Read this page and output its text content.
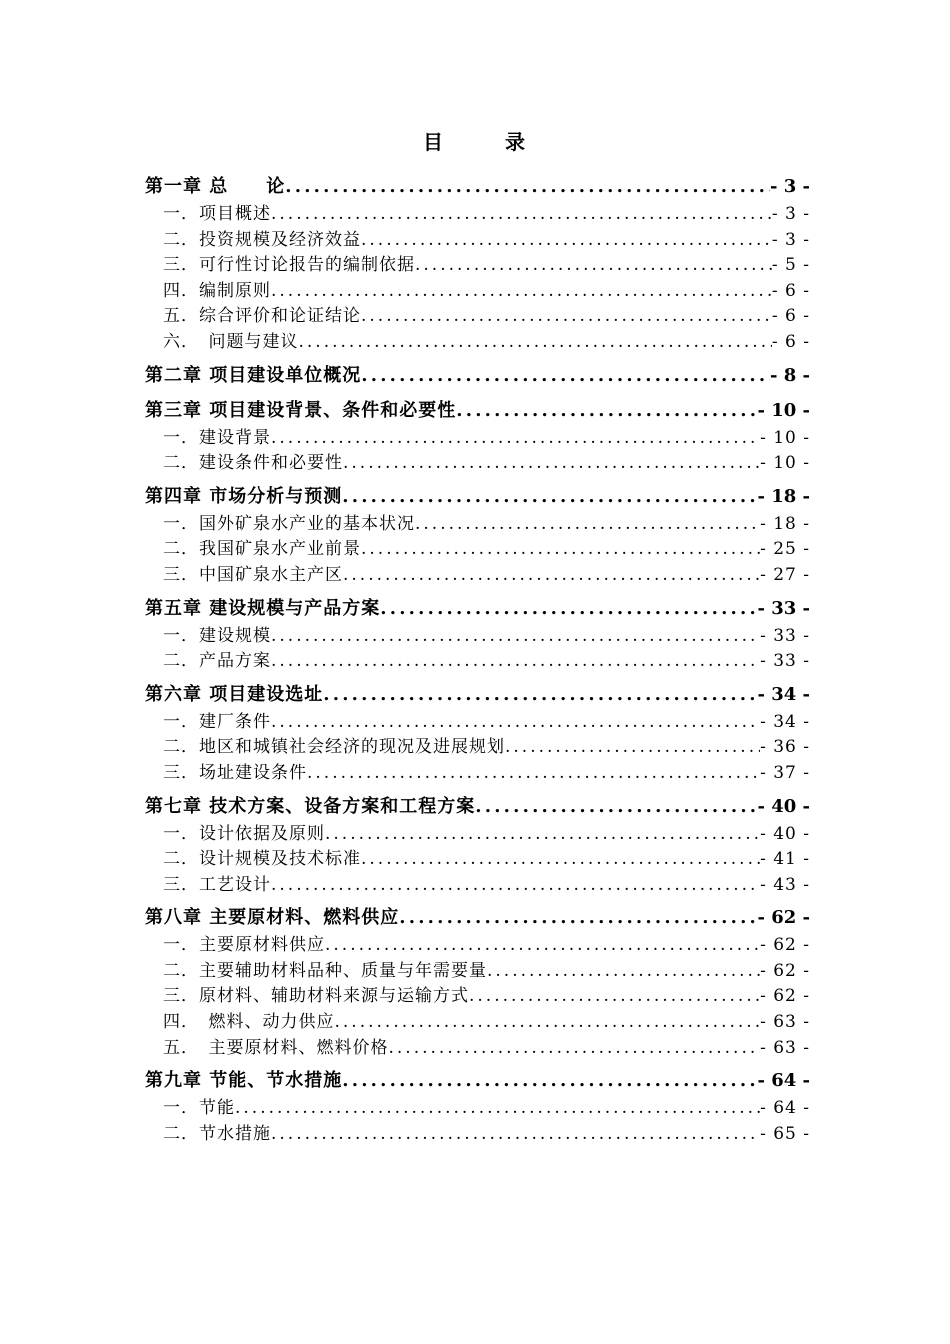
目	录
第一章 总　　论 .....	- 3 -
一．项目概述 .....	- 3 -
二．投资规模及经济效益 .....	- 3 -
三．可行性讨论报告的编制依据 .....	- 5 -
四．编制原则 .....	- 6 -
五．综合评价和论证结论 .....	- 6 -
六．　问题与建议 .....	- 6 -
第二章 项目建设单位概况 .....	- 8 -
第三章 项目建设背景、条件和必要性 .....	- 10 -
一．建设背景 .....	- 10 -
二．建设条件和必要性 .....	- 10 -
第四章 市场分析与预测 .....	- 18 -
一．国外矿泉水产业的基本状况 .....	- 18 -
二．我国矿泉水产业前景 .....	- 25 -
三．中国矿泉水主产区 .....	- 27 -
第五章 建设规模与产品方案 .....	- 33 -
一．建设规模 .....	- 33 -
二．产品方案 .....	- 33 -
第六章 项目建设选址 .....	- 34 -
一．建厂条件 .....	- 34 -
二．地区和城镇社会经济的现况及进展规划 .....	- 36 -
三．场址建设条件 .....	- 37 -
第七章 技术方案、设备方案和工程方案 .....	- 40 -
一．设计依据及原则 .....	- 40 -
二．设计规模及技术标准 .....	- 41 -
三．工艺设计 .....	- 43 -
第八章 主要原材料、燃料供应 .....	- 62 -
一．主要原材料供应 .....	- 62 -
二．主要辅助材料品种、质量与年需要量 .....	- 62 -
三．原材料、辅助材料来源与运输方式 .....	- 62 -
四．　燃料、动力供应 .....	- 63 -
五．　主要原材料、燃料价格 .....	- 63 -
第九章 节能、节水措施 .....	- 64 -
一．节能 .....	- 64 -
二．节水措施 .....	- 65 -
